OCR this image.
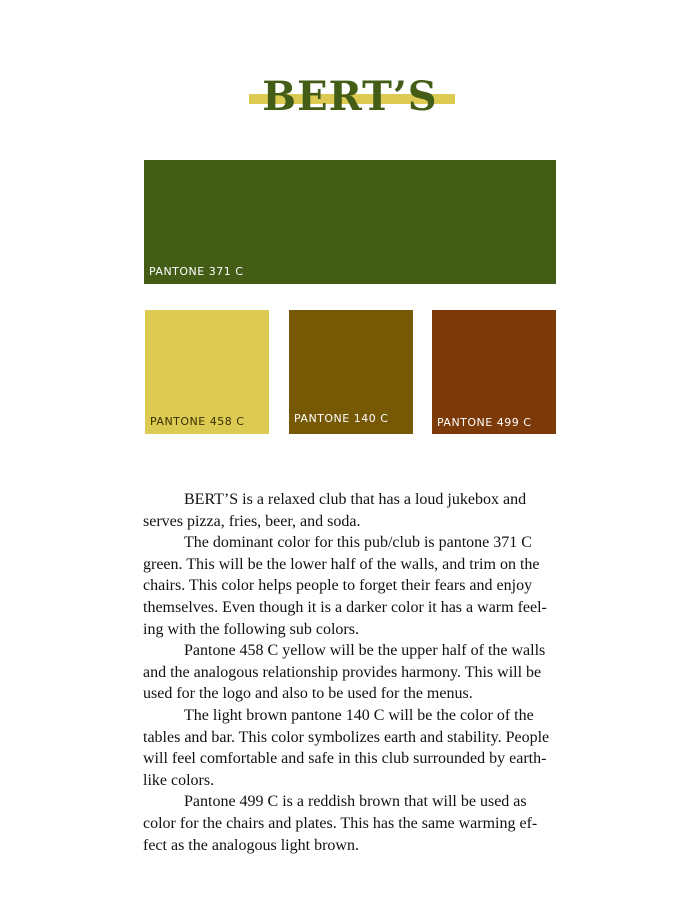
BERT’S
PANTONE 371 C
PANTONE 458 C	PANTONE 140 C	PANTONE 499 C

BERT’S is a relaxed club that has a loud jukebox and
serves pizza, fries, beer, and soda.
The dominant color for this pub/club is pantone 371 C
green. This will be the lower half of the walls, and trim on the
chairs. This color helps people to forget their fears and enjoy
themselves. Even though it is a darker color it has a warm feel-
ing with the following sub colors.
Pantone 458 C yellow will be the upper half of the walls
and the analogous relationship provides harmony. This will be
used for the logo and also to be used for the menus.
The light brown pantone 140 C will be the color of the
tables and bar. This color symbolizes earth and stability. People
will feel comfortable and safe in this club surrounded by earth-
like colors.
Pantone 499 C is a reddish brown that will be used as
color for the chairs and plates. This has the same warming ef-
fect as the analogous light brown.
